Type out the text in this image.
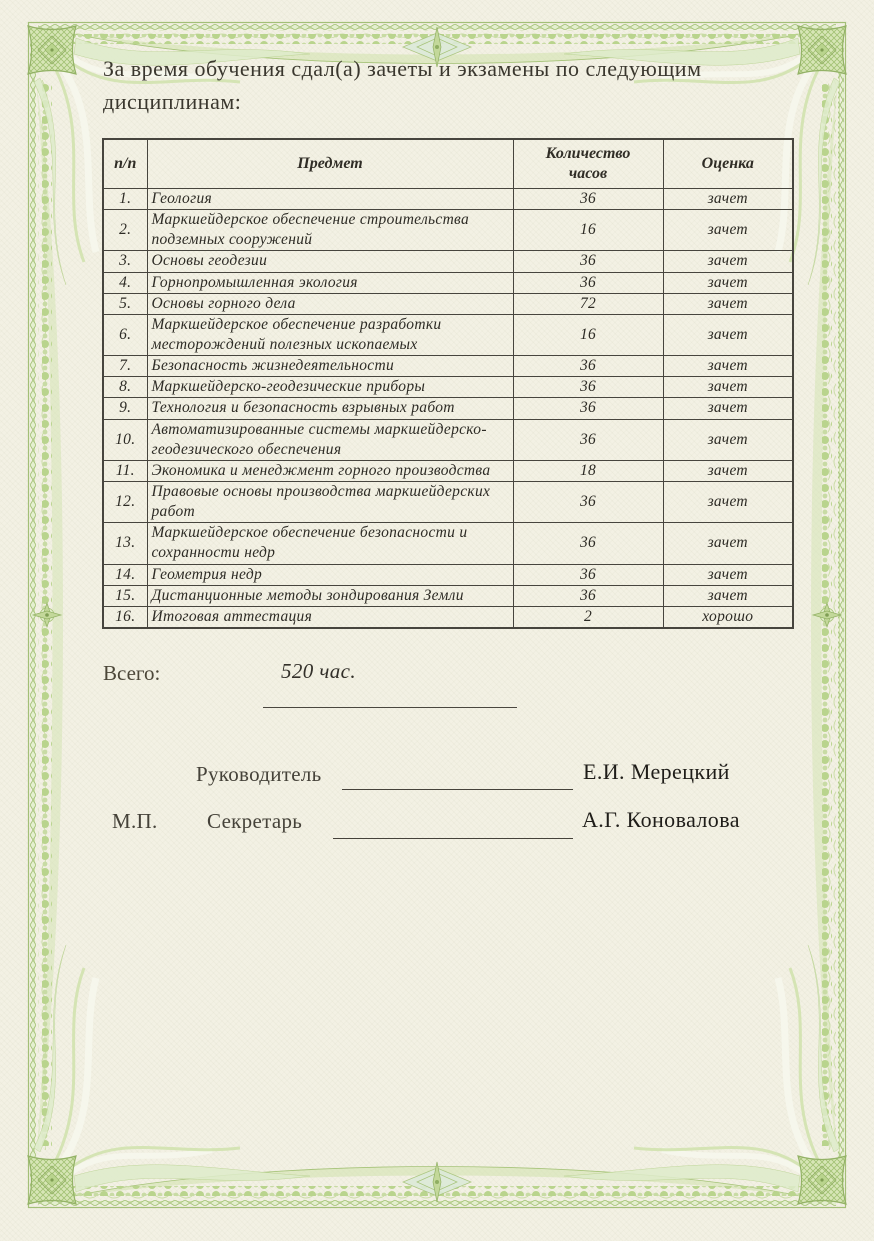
За время обучения сдал(а) зачеты и экзамены по следующим дисциплинам:

п/п	Предмет	Количество часов	Оценка
1.	Геология	36	зачет
2.	Маркшейдерское обеспечение строительства подземных сооружений	16	зачет
3.	Основы геодезии	36	зачет
4.	Горнопромышленная экология	36	зачет
5.	Основы горного дела	72	зачет
6.	Маркшейдерское обеспечение разработки месторождений полезных ископаемых	16	зачет
7.	Безопасность жизнедеятельности	36	зачет
8.	Маркшейдерско-геодезические приборы	36	зачет
9.	Технология и безопасность взрывных работ	36	зачет
10.	Автоматизированные системы маркшейдерско-геодезического обеспечения	36	зачет
11.	Экономика и менеджмент горного производства	18	зачет
12.	Правовые основы производства маркшейдерских работ	36	зачет
13.	Маркшейдерское обеспечение безопасности и сохранности недр	36	зачет
14.	Геометрия недр	36	зачет
15.	Дистанционные методы зондирования Земли	36	зачет
16.	Итоговая аттестация	2	хорошо
Всего:	520 час.
Руководитель	Е.И. Мерецкий
М.П. Секретарь	А.Г. Коновалова
